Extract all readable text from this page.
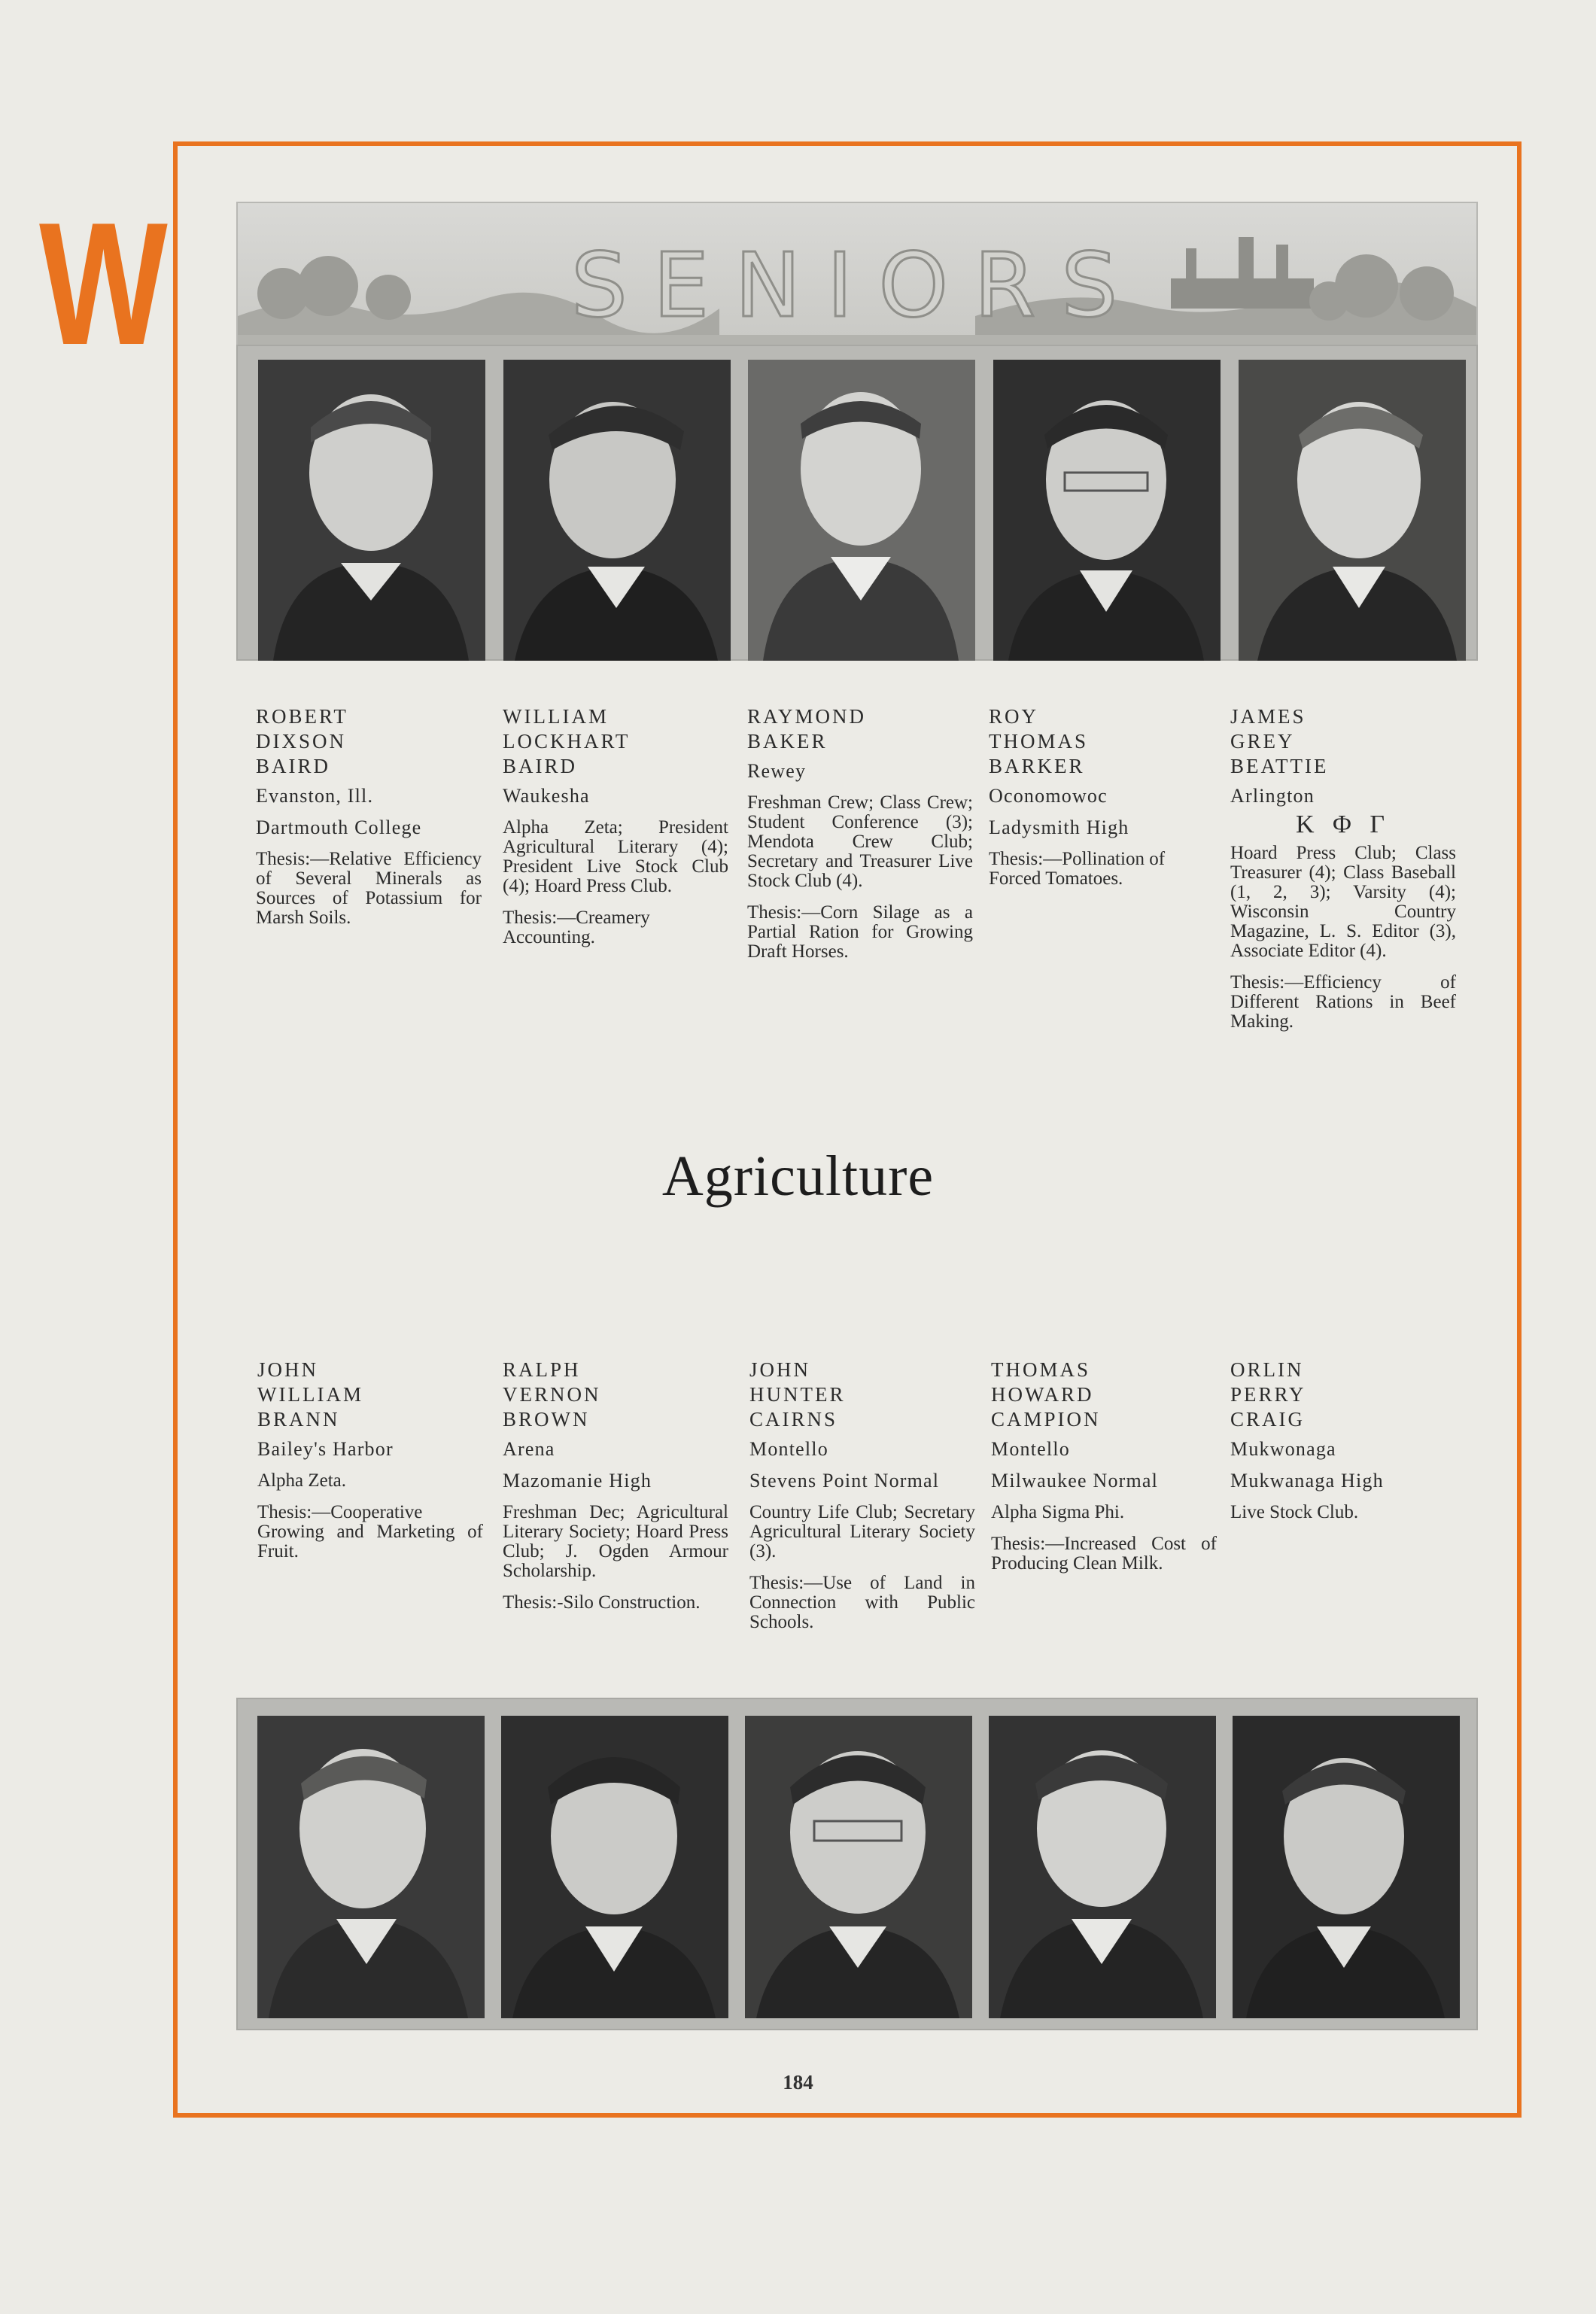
W	SENIORS

ROBERT
DIXSON
BAIRD

Evanston, Ill.

Dartmouth College

Thesis:—Relative Efficiency of Several Minerals as Sources of Potassium for Marsh Soils.

WILLIAM
LOCKHART
BAIRD

Waukesha

Alpha Zeta; President Agricultural Literary (4); President Live Stock Club (4); Hoard Press Club.

Thesis:—Creamery Accounting.

RAYMOND
BAKER

Rewey

Freshman Crew; Class Crew; Student Conference (3); Mendota Crew Club; Secretary and Treasurer Live Stock Club (4).

Thesis:—Corn Silage as a Partial Ration for Growing Draft Horses.

ROY
THOMAS
BARKER

Oconomowoc

Ladysmith High

Thesis:—Pollination of Forced Tomatoes.

JAMES
GREY
BEATTIE

Arlington

Κ Φ Γ

Hoard Press Club; Class Treasurer (4); Class Baseball (1, 2, 3); Varsity (4); Wisconsin Country Magazine, L. S. Editor (3), Associate Editor (4).

Thesis:—Efficiency of Different Rations in Beef Making.

Agriculture

JOHN
WILLIAM
BRANN

Bailey's Harbor

Alpha Zeta.

Thesis:—Cooperative Growing and Marketing of Fruit.

RALPH
VERNON
BROWN

Arena

Mazomanie High

Freshman Dec; Agricultural Literary Society; Hoard Press Club; J. Ogden Armour Scholarship.

Thesis:-Silo Construction.

JOHN
HUNTER
CAIRNS

Montello

Stevens Point Normal

Country Life Club; Secretary Agricultural Literary Society (3).

Thesis:—Use of Land in Connection with Public Schools.

THOMAS
HOWARD
CAMPION

Montello

Milwaukee Normal

Alpha Sigma Phi.

Thesis:—Increased Cost of Producing Clean Milk.

ORLIN
PERRY
CRAIG

Mukwonaga

Mukwanaga High

Live Stock Club.

184
